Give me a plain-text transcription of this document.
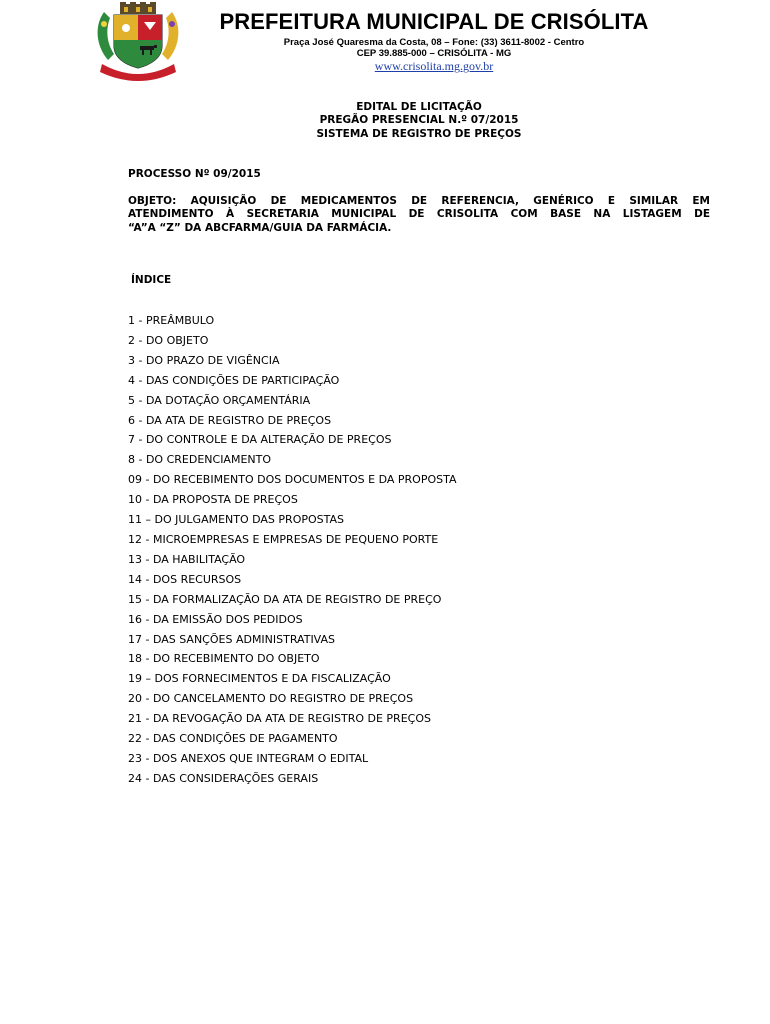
PREFEITURA MUNICIPAL DE CRISÓLITA
Praça José Quaresma da Costa, 08 – Fone: (33) 3611-8002 - Centro
CEP 39.885-000 – CRISÓLITA - MG
www.crisolita.mg.gov.br
EDITAL DE LICITAÇÃO
PREGÃO PRESENCIAL N.º 07/2015
SISTEMA DE REGISTRO DE PREÇOS
PROCESSO Nº 09/2015
OBJETO: AQUISIÇÃO DE MEDICAMENTOS DE REFERENCIA, GENÉRICO E SIMILAR EM
ATENDIMENTO À SECRETARIA MUNICIPAL DE CRISOLITA COM BASE NA LISTAGEM DE
“A”A “Z” DA ABCFARMA/GUIA DA FARMÁCIA.
ÍNDICE
1 - PREÂMBULO
2 - DO OBJETO
3 - DO PRAZO DE VIGÊNCIA
4 - DAS CONDIÇÕES DE PARTICIPAÇÃO
5 - DA DOTAÇÃO ORÇAMENTÁRIA
6 - DA ATA DE REGISTRO DE PREÇOS
7 - DO CONTROLE E DA ALTERAÇÃO DE PREÇOS
8 - DO CREDENCIAMENTO
09 - DO RECEBIMENTO DOS DOCUMENTOS E DA PROPOSTA
10 - DA PROPOSTA DE PREÇOS
11 – DO JULGAMENTO DAS PROPOSTAS
12 - MICROEMPRESAS E EMPRESAS DE PEQUENO PORTE
13 - DA HABILITAÇÃO
14 - DOS RECURSOS
15 - DA FORMALIZAÇÃO DA ATA DE REGISTRO DE PREÇO
16 - DA EMISSÃO DOS PEDIDOS
17 - DAS SANÇÕES ADMINISTRATIVAS
18 - DO RECEBIMENTO DO OBJETO
19 – DOS FORNECIMENTOS E DA FISCALIZAÇÃO
20 - DO CANCELAMENTO DO REGISTRO DE PREÇOS
21 - DA REVOGAÇÃO DA ATA DE REGISTRO DE PREÇOS
22 - DAS CONDIÇÕES DE PAGAMENTO
23 - DOS ANEXOS QUE INTEGRAM O EDITAL
24 - DAS CONSIDERAÇÕES GERAIS
